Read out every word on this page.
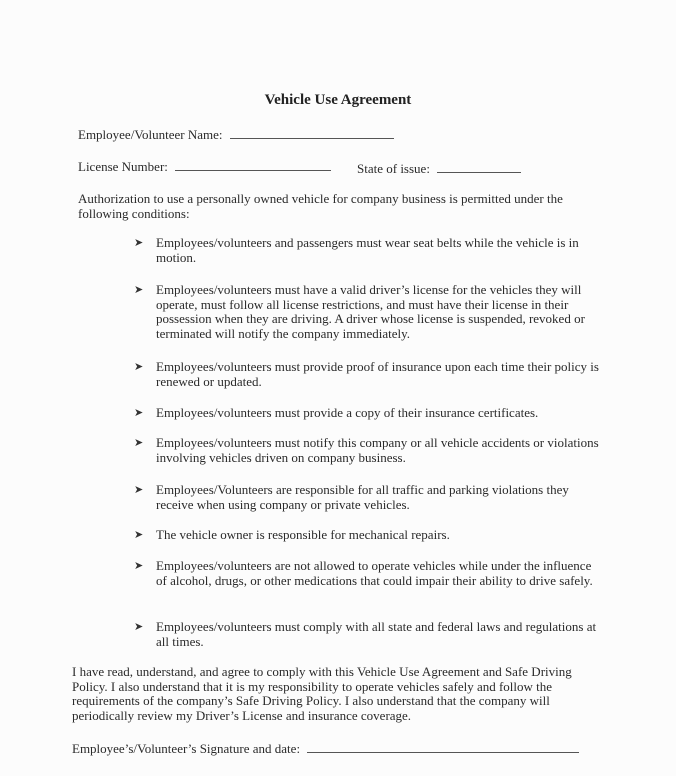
Vehicle Use Agreement
Employee/Volunteer Name:
License Number:	State of issue:
Authorization to use a personally owned vehicle for company business is permitted under the following conditions:
➤ Employees/volunteers and passengers must wear seat belts while the vehicle is in motion.
➤ Employees/volunteers must have a valid driver’s license for the vehicles they will operate, must follow all license restrictions, and must have their license in their possession when they are driving. A driver whose license is suspended, revoked or terminated will notify the company immediately.
➤ Employees/volunteers must provide proof of insurance upon each time their policy is renewed or updated.
➤ Employees/volunteers must provide a copy of their insurance certificates.
➤ Employees/volunteers must notify this company or all vehicle accidents or violations involving vehicles driven on company business.
➤ Employees/Volunteers are responsible for all traffic and parking violations they receive when using company or private vehicles.
➤ The vehicle owner is responsible for mechanical repairs.
➤ Employees/volunteers are not allowed to operate vehicles while under the influence of alcohol, drugs, or other medications that could impair their ability to drive safely.
➤ Employees/volunteers must comply with all state and federal laws and regulations at all times.
I have read, understand, and agree to comply with this Vehicle Use Agreement and Safe Driving Policy. I also understand that it is my responsibility to operate vehicles safely and follow the requirements of the company’s Safe Driving Policy. I also understand that the company will periodically review my Driver’s License and insurance coverage.
Employee’s/Volunteer’s Signature and date:
